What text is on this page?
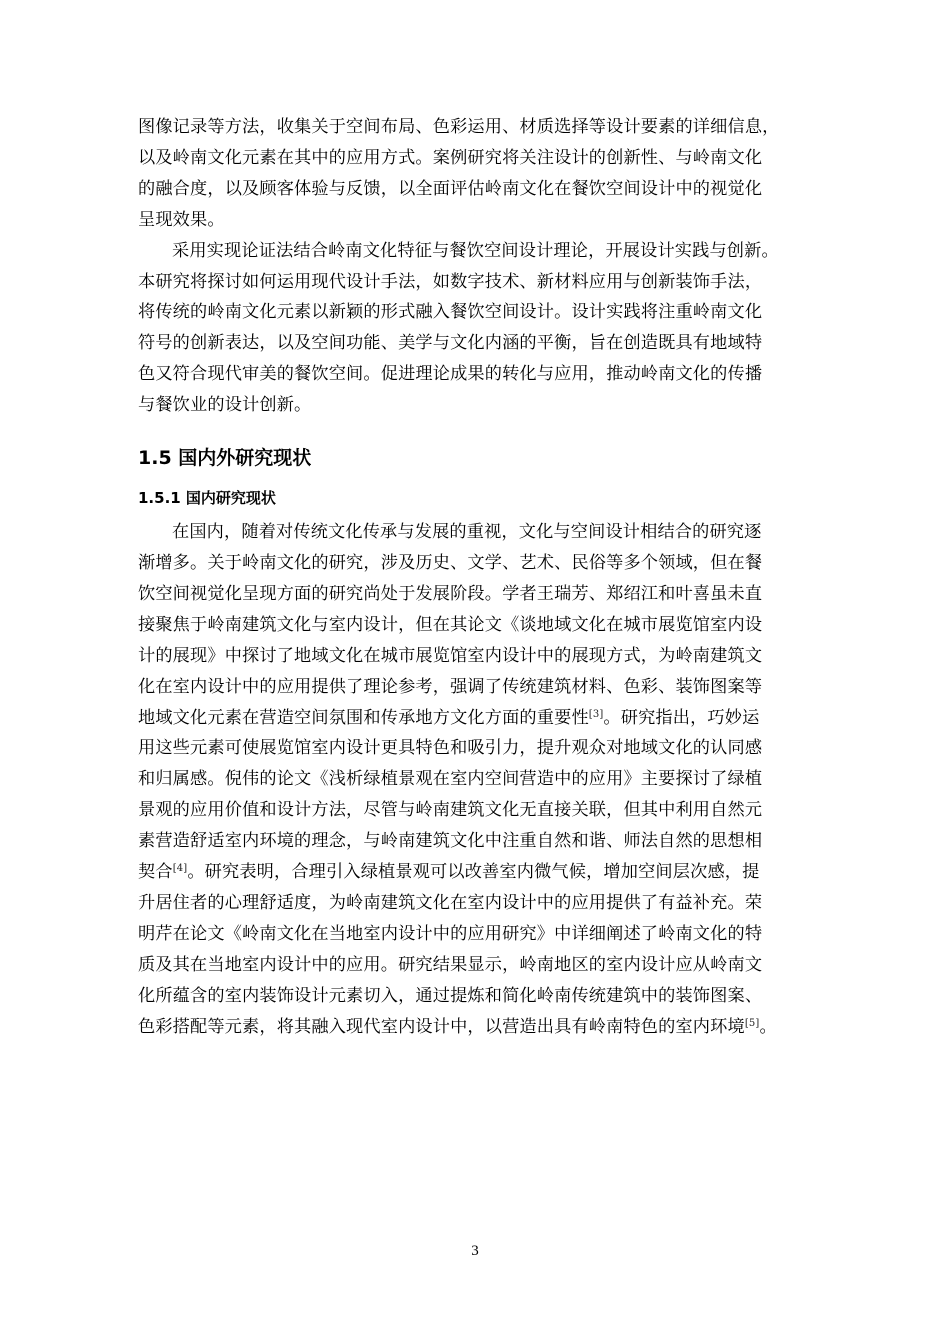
图像记录等方法，收集关于空间布局、色彩运用、材质选择等设计要素的详细信息，
以及岭南文化元素在其中的应用方式。案例研究将关注设计的创新性、与岭南文化
的融合度，以及顾客体验与反馈，以全面评估岭南文化在餐饮空间设计中的视觉化
呈现效果。

采用实现论证法结合岭南文化特征与餐饮空间设计理论，开展设计实践与创新。
本研究将探讨如何运用现代设计手法，如数字技术、新材料应用与创新装饰手法，
将传统的岭南文化元素以新颖的形式融入餐饮空间设计。设计实践将注重岭南文化
符号的创新表达，以及空间功能、美学与文化内涵的平衡，旨在创造既具有地域特
色又符合现代审美的餐饮空间。促进理论成果的转化与应用，推动岭南文化的传播
与餐饮业的设计创新。

1.5 国内外研究现状
1.5.1 国内研究现状

在国内，随着对传统文化传承与发展的重视，文化与空间设计相结合的研究逐
渐增多。关于岭南文化的研究，涉及历史、文学、艺术、民俗等多个领域，但在餐
饮空间视觉化呈现方面的研究尚处于发展阶段。学者王瑞芳、郑绍江和叶喜虽未直
接聚焦于岭南建筑文化与室内设计，但在其论文《谈地域文化在城市展览馆室内设
计的展现》中探讨了地域文化在城市展览馆室内设计中的展现方式，为岭南建筑文
化在室内设计中的应用提供了理论参考，强调了传统建筑材料、色彩、装饰图案等
地域文化元素在营造空间氛围和传承地方文化方面的重要性[3]。研究指出，巧妙运
用这些元素可使展览馆室内设计更具特色和吸引力，提升观众对地域文化的认同感
和归属感。倪伟的论文《浅析绿植景观在室内空间营造中的应用》主要探讨了绿植
景观的应用价值和设计方法，尽管与岭南建筑文化无直接关联，但其中利用自然元
素营造舒适室内环境的理念，与岭南建筑文化中注重自然和谐、师法自然的思想相
契合[4]。研究表明，合理引入绿植景观可以改善室内微气候，增加空间层次感，提
升居住者的心理舒适度，为岭南建筑文化在室内设计中的应用提供了有益补充。荣
明芹在论文《岭南文化在当地室内设计中的应用研究》中详细阐述了岭南文化的特
质及其在当地室内设计中的应用。研究结果显示，岭南地区的室内设计应从岭南文
化所蕴含的室内装饰设计元素切入，通过提炼和简化岭南传统建筑中的装饰图案、
色彩搭配等元素，将其融入现代室内设计中，以营造出具有岭南特色的室内环境[5]。

3
